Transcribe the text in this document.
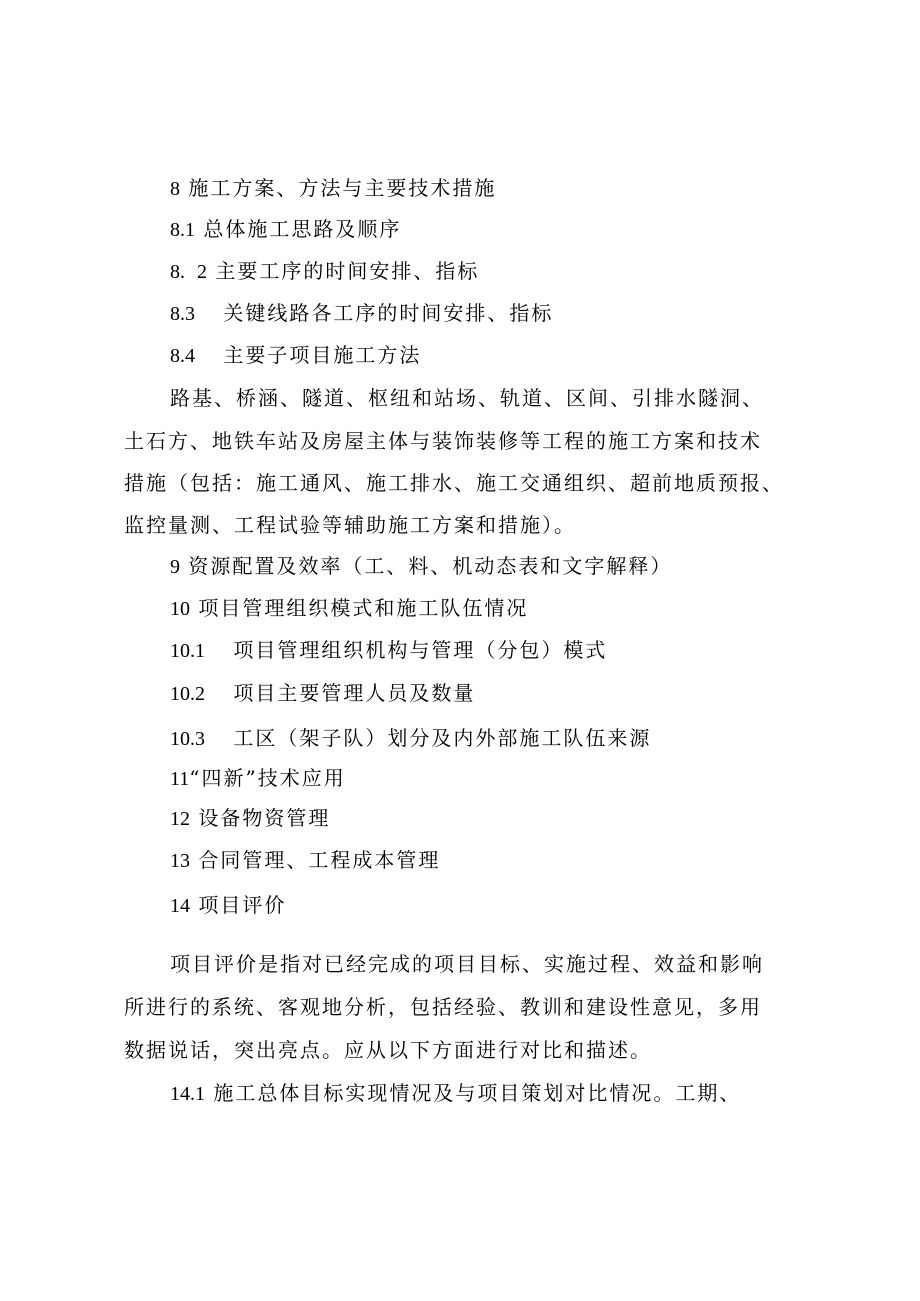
8 施工方案、方法与主要技术措施

8.1 总体施工思路及顺序

8. 2 主要工序的时间安排、指标

8.3 关键线路各工序的时间安排、指标

8.4 主要子项目施工方法

路基、桥涵、隧道、枢纽和站场、轨道、区间、引排水隧洞、

土石方、地铁车站及房屋主体与装饰装修等工程的施工方案和技术

措施（包括：施工通风、施工排水、施工交通组织、超前地质预报、

监控量测、工程试验等辅助施工方案和措施）。

9 资源配置及效率（工、料、机动态表和文字解释）

10 项目管理组织模式和施工队伍情况

10.1 项目管理组织机构与管理（分包）模式

10.2 项目主要管理人员及数量

10.3 工区（架子队）划分及内外部施工队伍来源

11“四新”技术应用

12 设备物资管理

13 合同管理、工程成本管理

14 项目评价

项目评价是指对已经完成的项目目标、实施过程、效益和影响

所进行的系统、客观地分析，包括经验、教训和建设性意见，多用

数据说话，突出亮点。应从以下方面进行对比和描述。

14.1 施工总体目标实现情况及与项目策划对比情况。工期、
